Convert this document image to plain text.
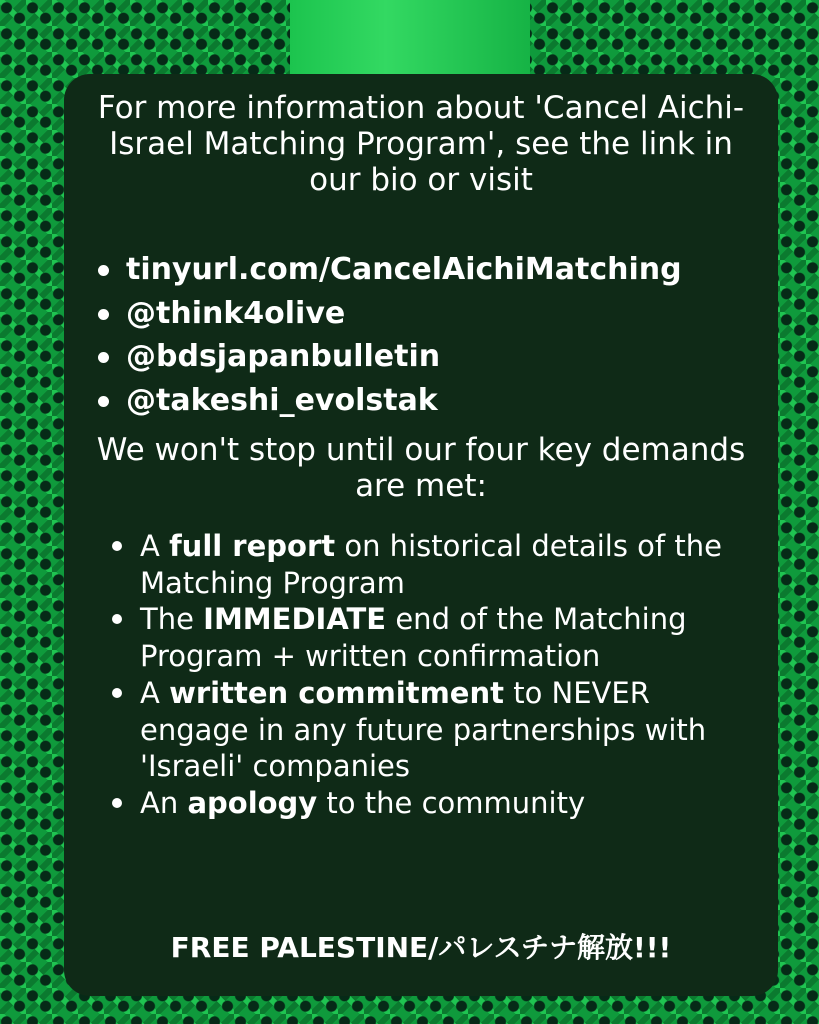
For more information about 'Cancel Aichi-Israel Matching Program', see the link in our bio or visit

tinyurl.com/CancelAichiMatching
@think4olive
@bdsjapanbulletin
@takeshi_evolstak

We won't stop until our four key demands are met:

A full report on historical details of the Matching Program
The IMMEDIATE end of the Matching Program + written confirmation
A written commitment to NEVER engage in any future partnerships with 'Israeli' companies
An apology to the community

FREE PALESTINE/パレスチナ解放!!!
